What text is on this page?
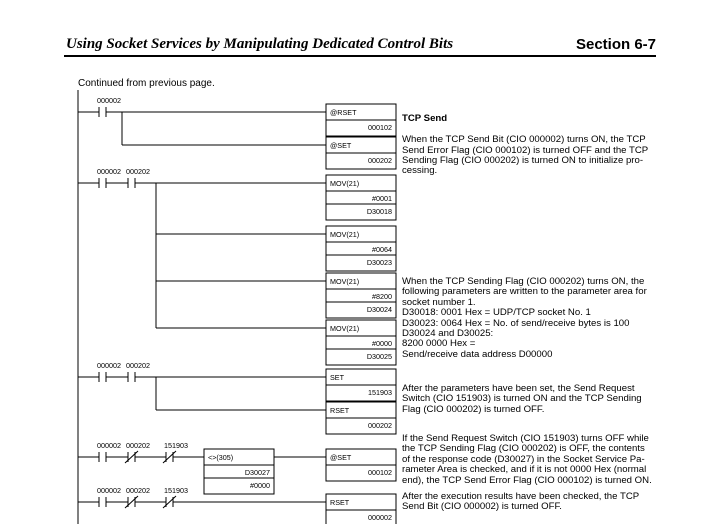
Using Socket Services by Manipulating Dedicated Control Bits	Section 6-7
Continued from previous page.
000002
@RSET
000102
@SET
000202
000002 000202
MOV(21)
#0001
D30018
MOV(21)
#0064
D30023
MOV(21)
#8200
D30024
MOV(21)
#0000
D30025
000002 000202
SET
151903
RSET
000202
000002 000202 151903
<>(305)
D30027
#0000
@SET
000102
000002 000202 151903
RSET
000002

TCP Send

When the TCP Send Bit (CIO 000002) turns ON, the TCP
Send Error Flag (CIO 000102) is turned OFF and the TCP
Sending Flag (CIO 000202) is turned ON to initialize pro-
cessing.

When the TCP Sending Flag (CIO 000202) turns ON, the
following parameters are written to the parameter area for
socket number 1.
D30018: 0001 Hex = UDP/TCP socket No. 1
D30023: 0064 Hex = No. of send/receive bytes is 100
D30024 and D30025:
8200 0000 Hex =
Send/receive data address D00000
After the parameters have been set, the Send Request
Switch (CIO 151903) is turned ON and the TCP Sending
Flag (CIO 000202) is turned OFF.
If the Send Request Switch (CIO 151903) turns OFF while
the TCP Sending Flag (CIO 000202) is OFF, the contents
of the response code (D30027) in the Socket Service Pa-
rameter Area is checked, and if it is not 0000 Hex (normal
end), the TCP Send Error Flag (CIO 000102) is turned ON.
After the execution results have been checked, the TCP
Send Bit (CIO 000002) is turned OFF.
